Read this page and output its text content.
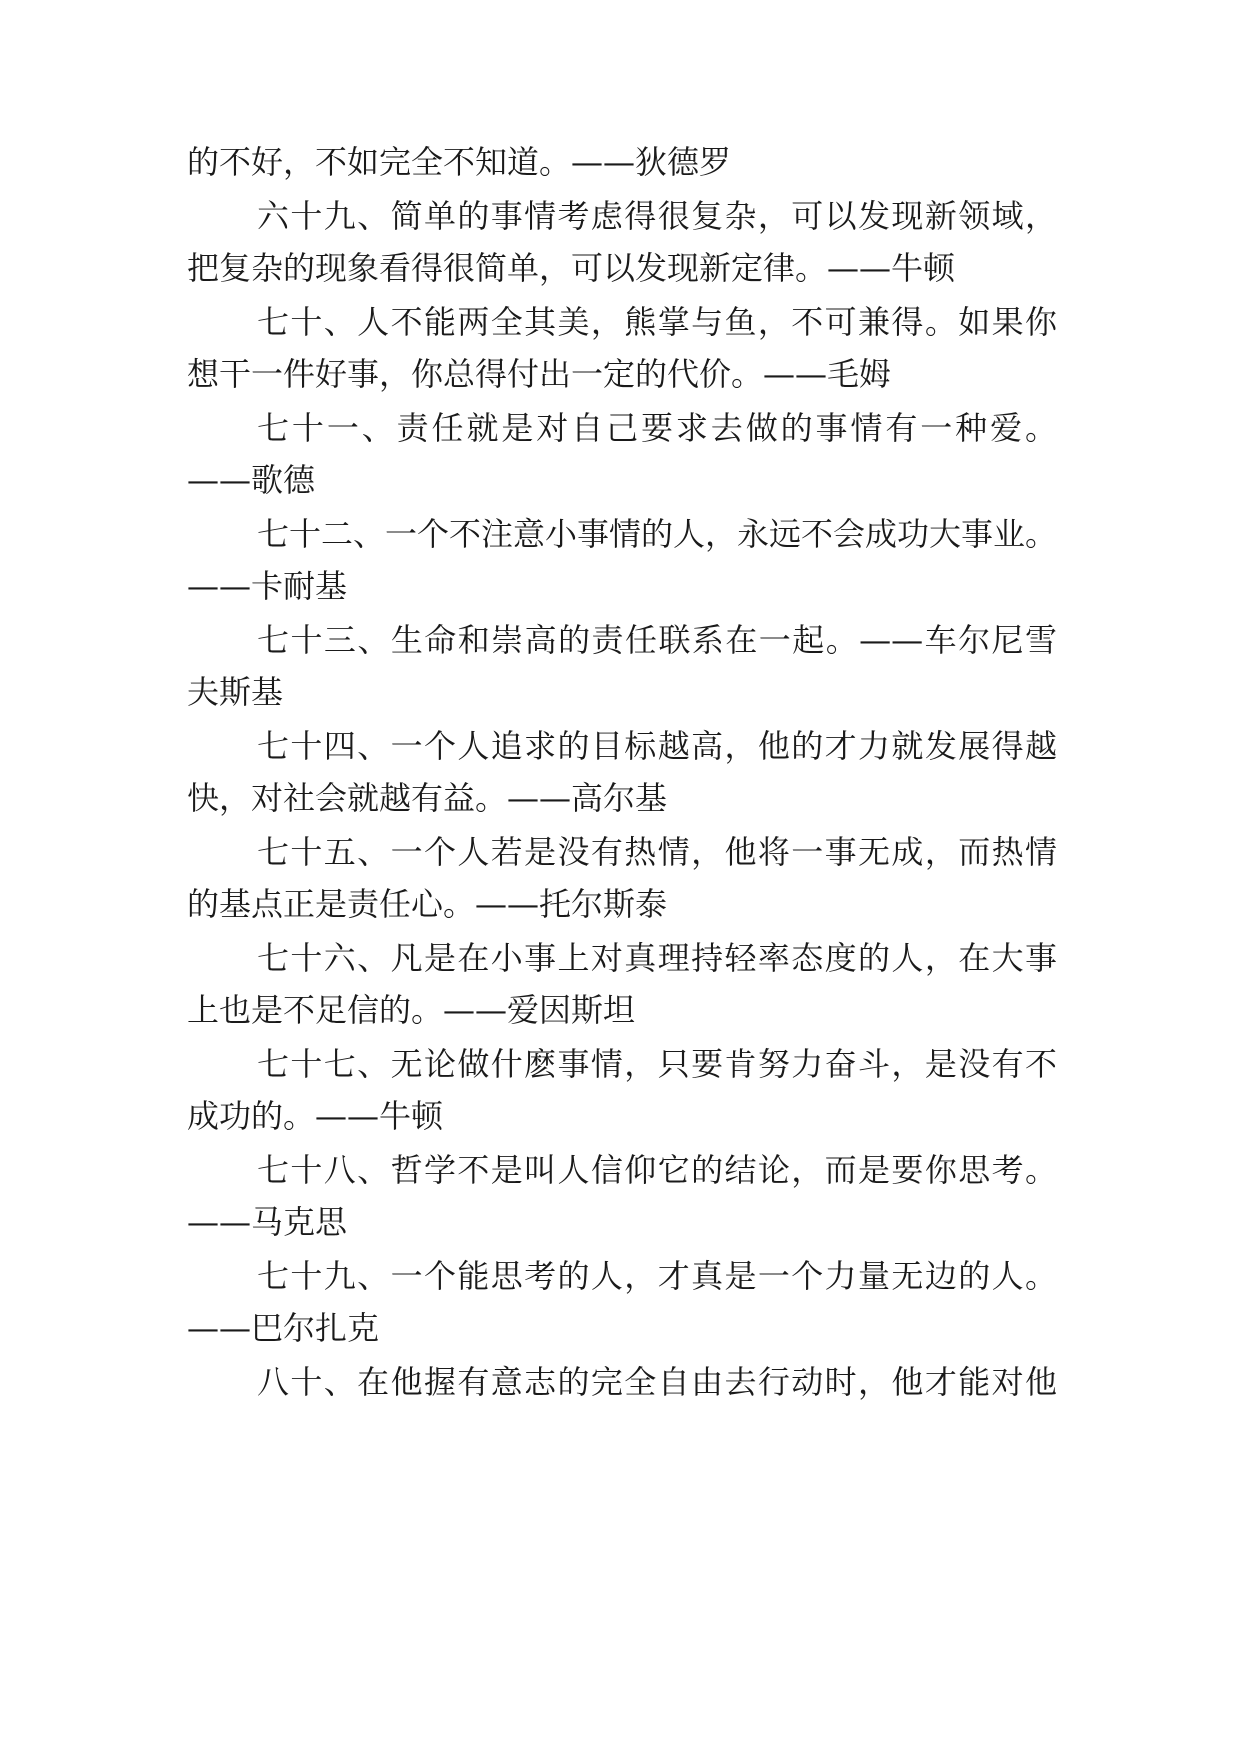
的不好，不如完全不知道。——狄德罗
六十九、简单的事情考虑得很复杂，可以发现新领域，
把复杂的现象看得很简单，可以发现新定律。——牛顿
七十、人不能两全其美，熊掌与鱼，不可兼得。如果你
想干一件好事，你总得付出一定的代价。——毛姆
七十一、责任就是对自己要求去做的事情有一种爱。
——歌德
七十二、一个不注意小事情的人，永远不会成功大事业。
——卡耐基
七十三、生命和崇高的责任联系在一起。——车尔尼雪
夫斯基
七十四、一个人追求的目标越高，他的才力就发展得越
快，对社会就越有益。——高尔基
七十五、一个人若是没有热情，他将一事无成，而热情
的基点正是责任心。——托尔斯泰
七十六、凡是在小事上对真理持轻率态度的人，在大事
上也是不足信的。——爱因斯坦
七十七、无论做什麽事情，只要肯努力奋斗，是没有不
成功的。——牛顿
七十八、哲学不是叫人信仰它的结论，而是要你思考。
——马克思
七十九、一个能思考的人，才真是一个力量无边的人。
——巴尔扎克
八十、在他握有意志的完全自由去行动时，他才能对他
